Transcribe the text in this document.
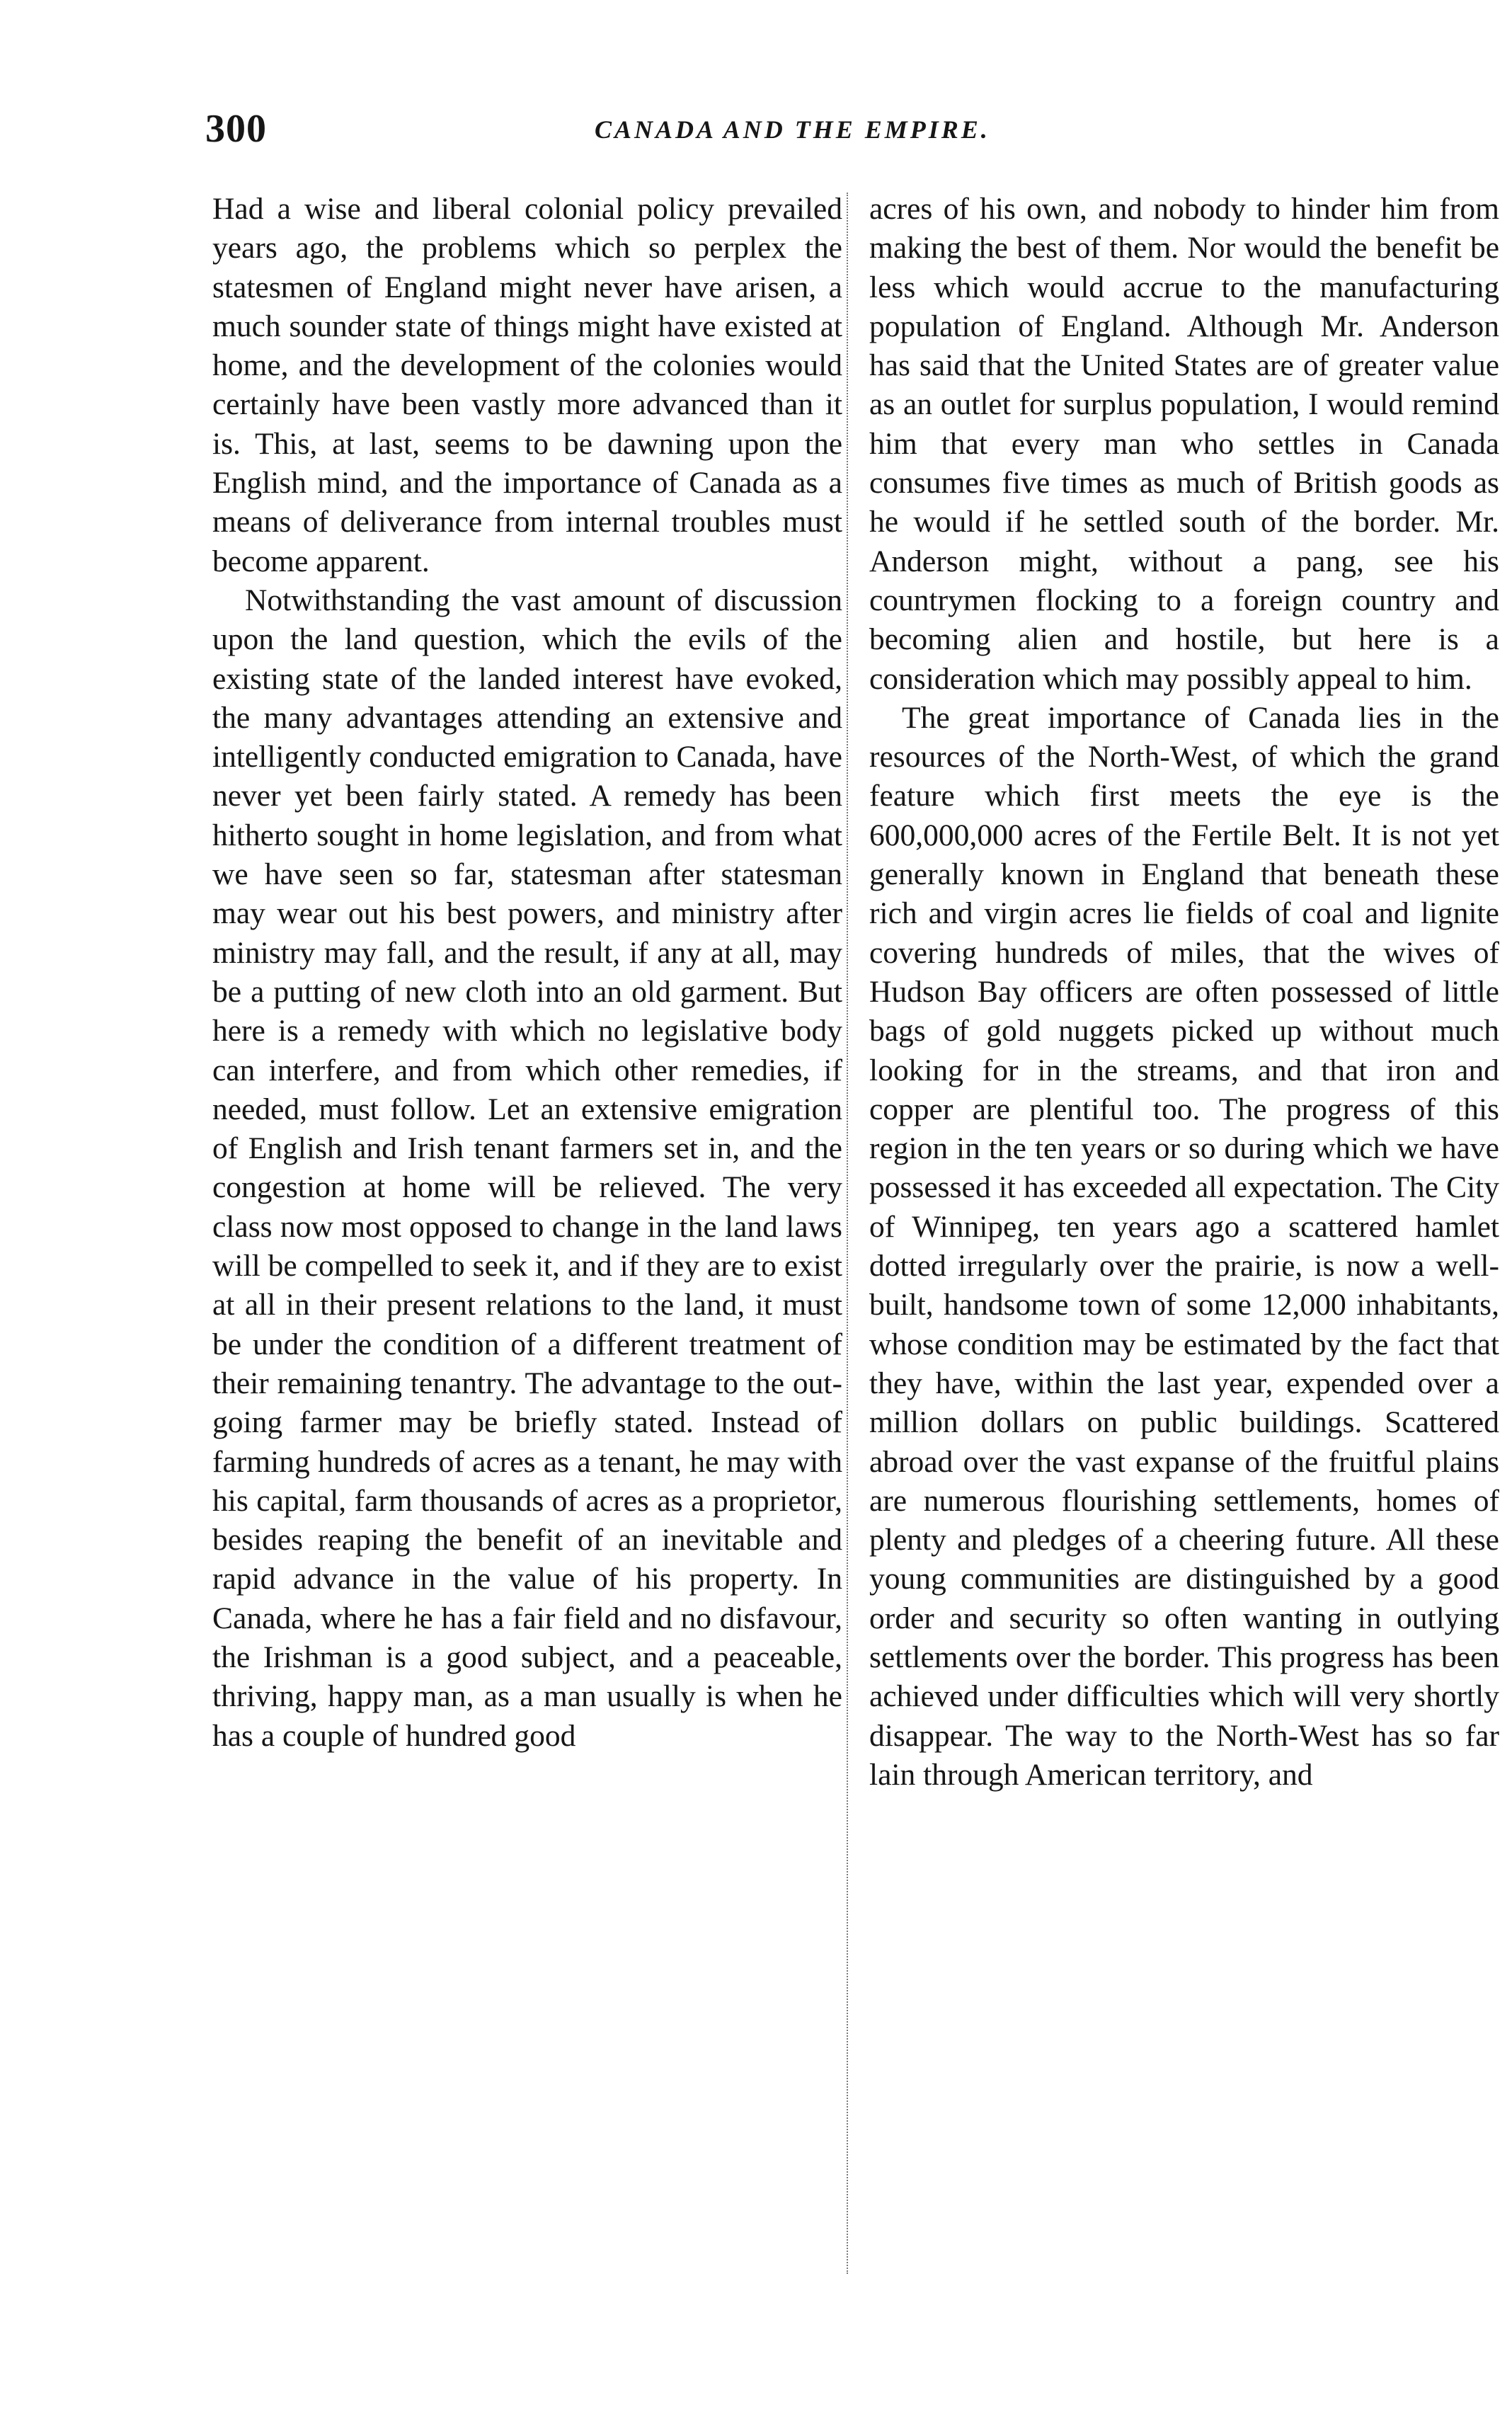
300	CANADA AND THE EMPIRE.

Had a wise and liberal colonial policy prevailed years ago, the problems which so perplex the statesmen of England might never have arisen, a much sounder state of things might have existed at home, and the development of the colonies would certainly have been vastly more advanced than it is. This, at last, seems to be dawning upon the English mind, and the importance of Canada as a means of deliverance from internal troubles must become apparent.

Notwithstanding the vast amount of discussion upon the land question, which the evils of the existing state of the landed interest have evoked, the many advantages attending an extensive and intelligently conducted emigration to Canada, have never yet been fairly stated. A remedy has been hitherto sought in home legislation, and from what we have seen so far, statesman after statesman may wear out his best powers, and ministry after ministry may fall, and the result, if any at all, may be a putting of new cloth into an old garment. But here is a remedy with which no legislative body can interfere, and from which other remedies, if needed, must follow. Let an extensive emigration of English and Irish tenant farmers set in, and the congestion at home will be relieved. The very class now most opposed to change in the land laws will be compelled to seek it, and if they are to exist at all in their present relations to the land, it must be under the condition of a different treatment of their remaining tenantry. The advantage to the out-going farmer may be briefly stated. Instead of farming hundreds of acres as a tenant, he may with his capital, farm thousands of acres as a proprietor, besides reaping the benefit of an inevitable and rapid advance in the value of his property. In Canada, where he has a fair field and no disfavour, the Irishman is a good subject, and a peaceable, thriving, happy man, as a man usually is when he has a couple of hundred good

acres of his own, and nobody to hinder him from making the best of them. Nor would the benefit be less which would accrue to the manufacturing population of England. Although Mr. Anderson has said that the United States are of greater value as an outlet for surplus population, I would remind him that every man who settles in Canada consumes five times as much of British goods as he would if he settled south of the border. Mr. Anderson might, without a pang, see his countrymen flocking to a foreign country and becoming alien and hostile, but here is a consideration which may possibly appeal to him.

The great importance of Canada lies in the resources of the North-West, of which the grand feature which first meets the eye is the 600,000,000 acres of the Fertile Belt. It is not yet generally known in England that beneath these rich and virgin acres lie fields of coal and lignite covering hundreds of miles, that the wives of Hudson Bay officers are often possessed of little bags of gold nuggets picked up without much looking for in the streams, and that iron and copper are plentiful too. The progress of this region in the ten years or so during which we have possessed it has exceeded all expectation. The City of Winnipeg, ten years ago a scattered hamlet dotted irregularly over the prairie, is now a well-built, handsome town of some 12,000 inhabitants, whose condition may be estimated by the fact that they have, within the last year, expended over a million dollars on public buildings. Scattered abroad over the vast expanse of the fruitful plains are numerous flourishing settlements, homes of plenty and pledges of a cheering future. All these young communities are distinguished by a good order and security so often wanting in outlying settlements over the border. This progress has been achieved under difficulties which will very shortly disappear. The way to the North-West has so far lain through American territory, and
